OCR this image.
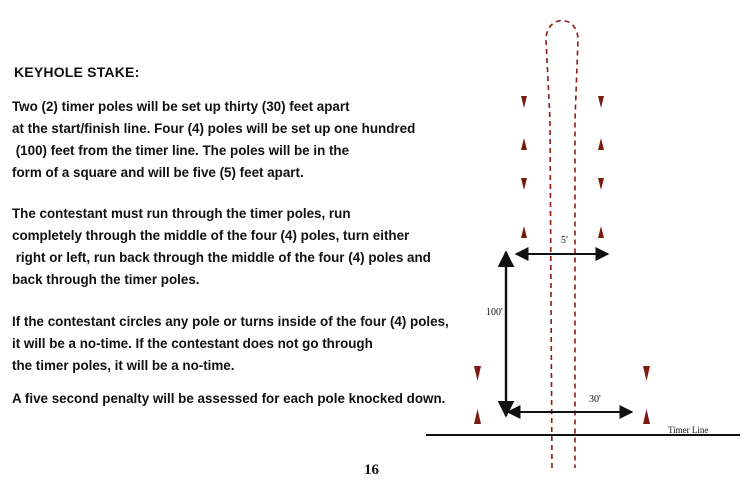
KEYHOLE STAKE:

Two (2) timer poles will be set up thirty (30) feet apart
at the start/finish line. Four (4) poles will be set up one hundred
(100) feet from the timer line. The poles will be in the
form of a square and will be five (5) feet apart.

The contestant must run through the timer poles, run
completely through the middle of the four (4) poles, turn either
right or left, run back through the middle of the four (4) poles and
back through the timer poles.

If the contestant circles any pole or turns inside of the four (4) poles,
it will be a no-time. If the contestant does not go through
the timer poles, it will be a no-time.

A five second penalty will be assessed for each pole knocked down.

5'
100'
30'
Timer Line
16
